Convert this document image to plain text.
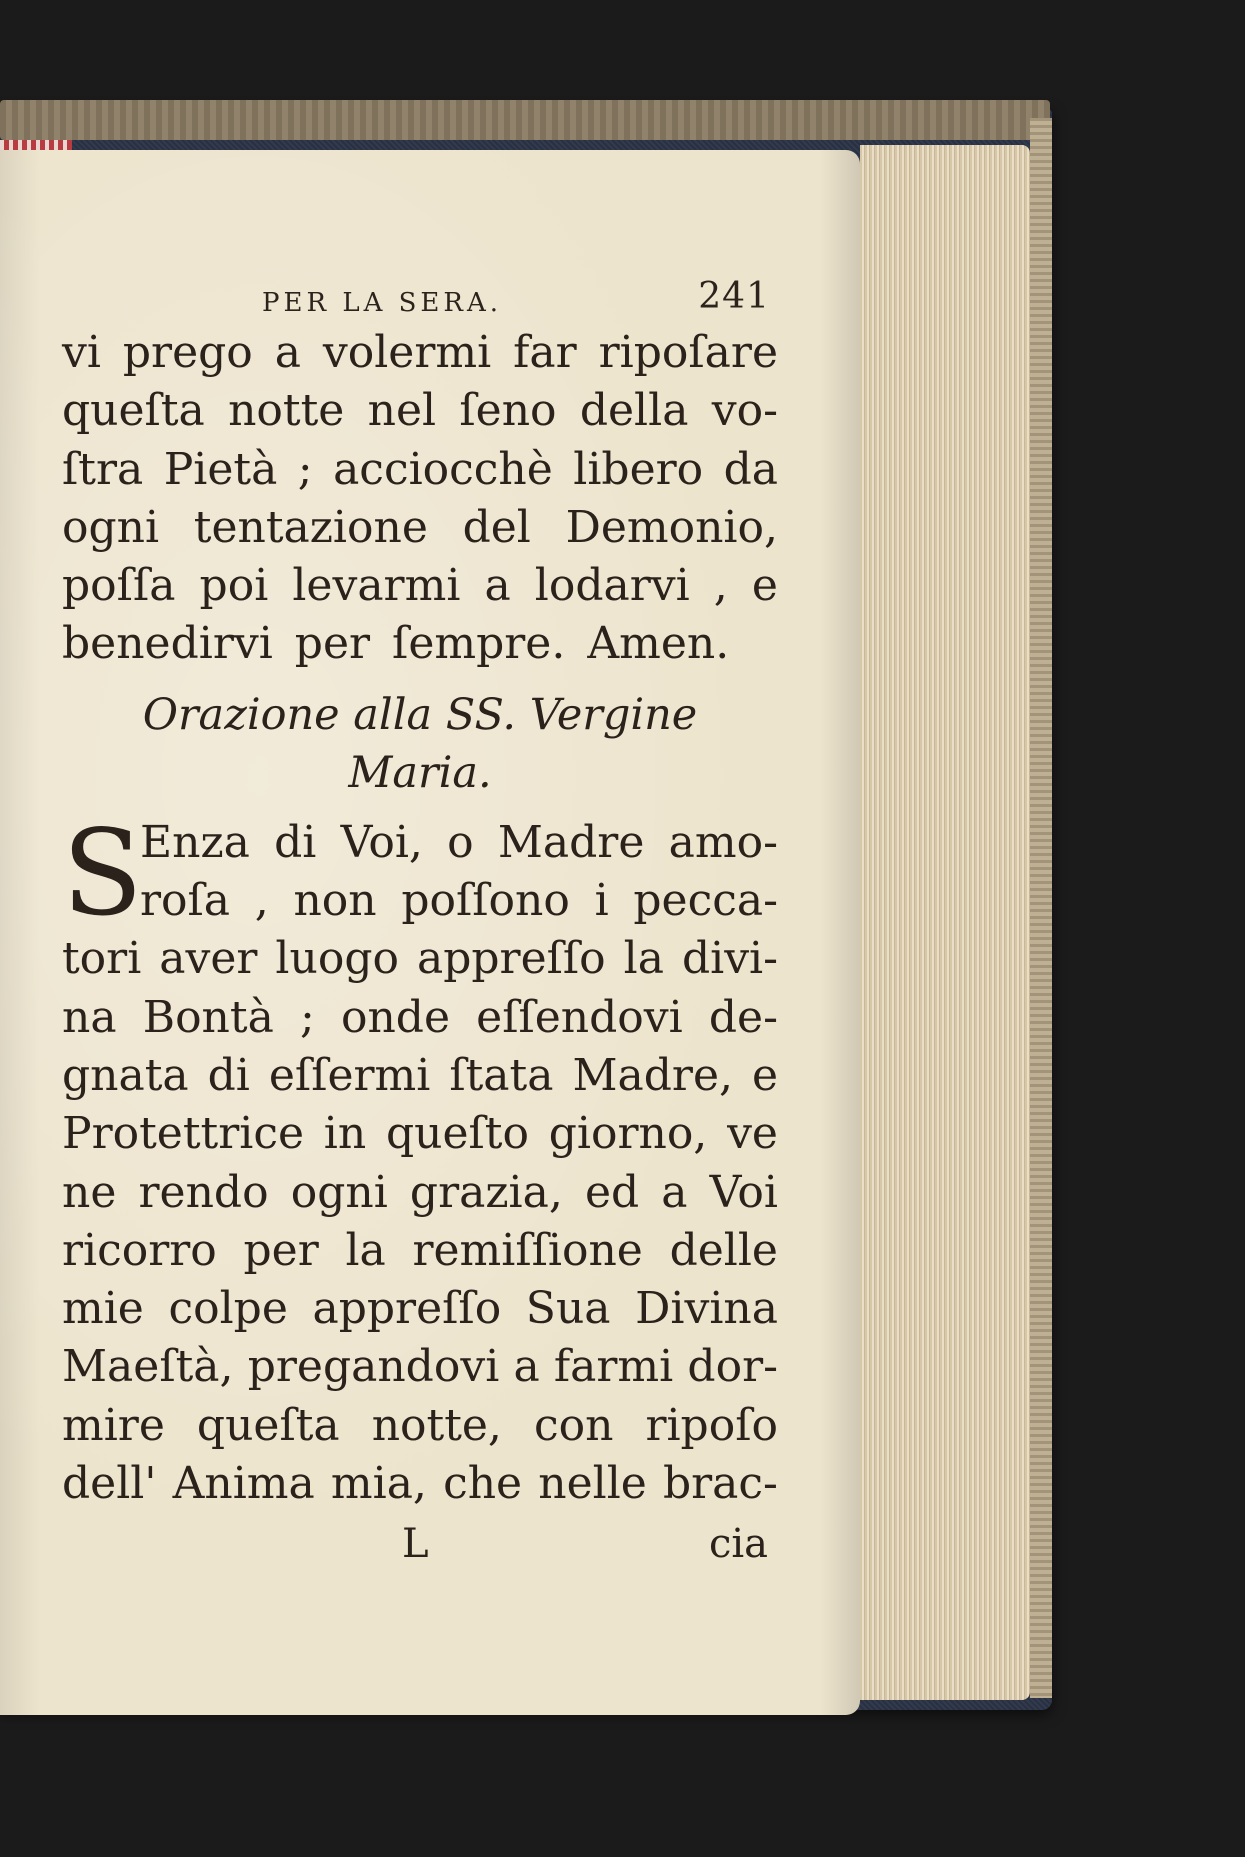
PER LA SERA.	241
vi prego a volermi far ripoſare
queſta notte nel ſeno della vo-
ſtra Pietà ; acciocchè libero da
ogni tentazione del Demonio,
poſſa poi levarmi a lodarvi , e
benedirvi per ſempre. Amen.
Orazione alla SS. Vergine
Maria.
S
Enza di Voi, o Madre amo-
roſa , non poſſono i pecca-
tori aver luogo appreſſo la divi-
na Bontà ; onde eſſendovi de-
gnata di eſſermi ſtata Madre, e
Protettrice in queſto giorno, ve
ne rendo ogni grazia, ed a Voi
ricorro per la remiſſione delle
mie colpe appreſſo Sua Divina
Maeſtà, pregandovi a farmi dor-
mire queſta notte, con ripoſo
dell' Anima mia, che nelle brac-
L	cia
